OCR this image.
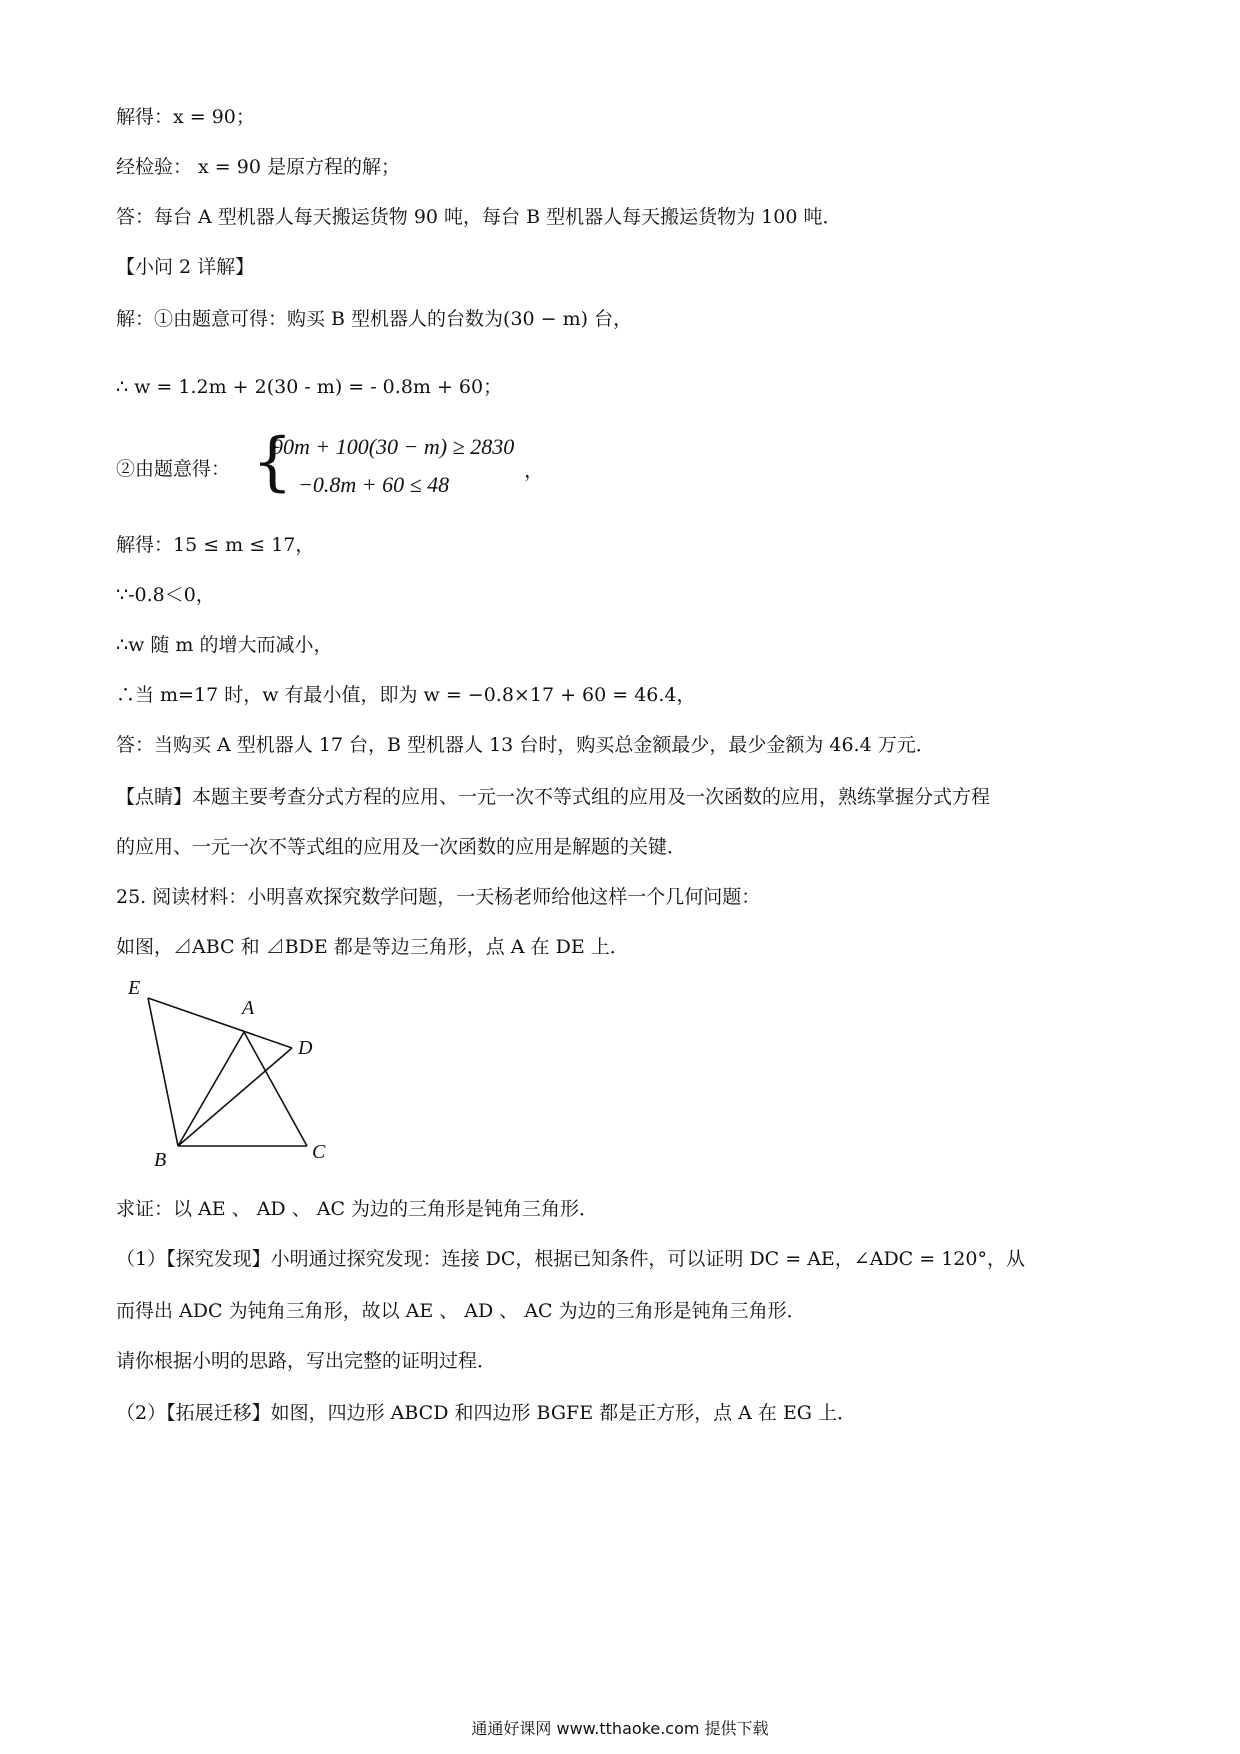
解得：x = 90；
经检验： x = 90 是原方程的解；
答：每台 A 型机器人每天搬运货物 90 吨，每台 B 型机器人每天搬运货物为 100 吨．
【小问 2 详解】
解：①由题意可得：购买 B 型机器人的台数为(30 − m) 台，
∴ w = 1.2m + 2(30 - m) = - 0.8m + 60；
②由题意得： {
90m + 100(30 − m) ≥ 2830
−0.8m + 60 ≤ 48
，
解得：15 ≤ m ≤ 17，
∵-0.8＜0，
∴w 随 m 的增大而减小，
∴当 m=17 时，w 有最小值，即为 w = −0.8×17 + 60 = 46.4，
答：当购买 A 型机器人 17 台，B 型机器人 13 台时，购买总金额最少，最少金额为 46.4 万元．
【点睛】本题主要考查分式方程的应用、一元一次不等式组的应用及一次函数的应用，熟练掌握分式方程
的应用、一元一次不等式组的应用及一次函数的应用是解题的关键．
25. 阅读材料：小明喜欢探究数学问题，一天杨老师给他这样一个几何问题：
如图，⊿ABC 和 ⊿BDE 都是等边三角形，点 A 在 DE 上．
E
A
D
B	C
求证：以 AE 、 AD 、 AC 为边的三角形是钝角三角形．
（1）【探究发现】小明通过探究发现：连接 DC，根据已知条件，可以证明 DC = AE，∠ADC = 120°，从
而得出 ADC 为钝角三角形，故以 AE 、 AD 、 AC 为边的三角形是钝角三角形．
请你根据小明的思路，写出完整的证明过程．
（2）【拓展迁移】如图，四边形 ABCD 和四边形 BGFE 都是正方形，点 A 在 EG 上．
通通好课网 www.tthaoke.com 提供下载
